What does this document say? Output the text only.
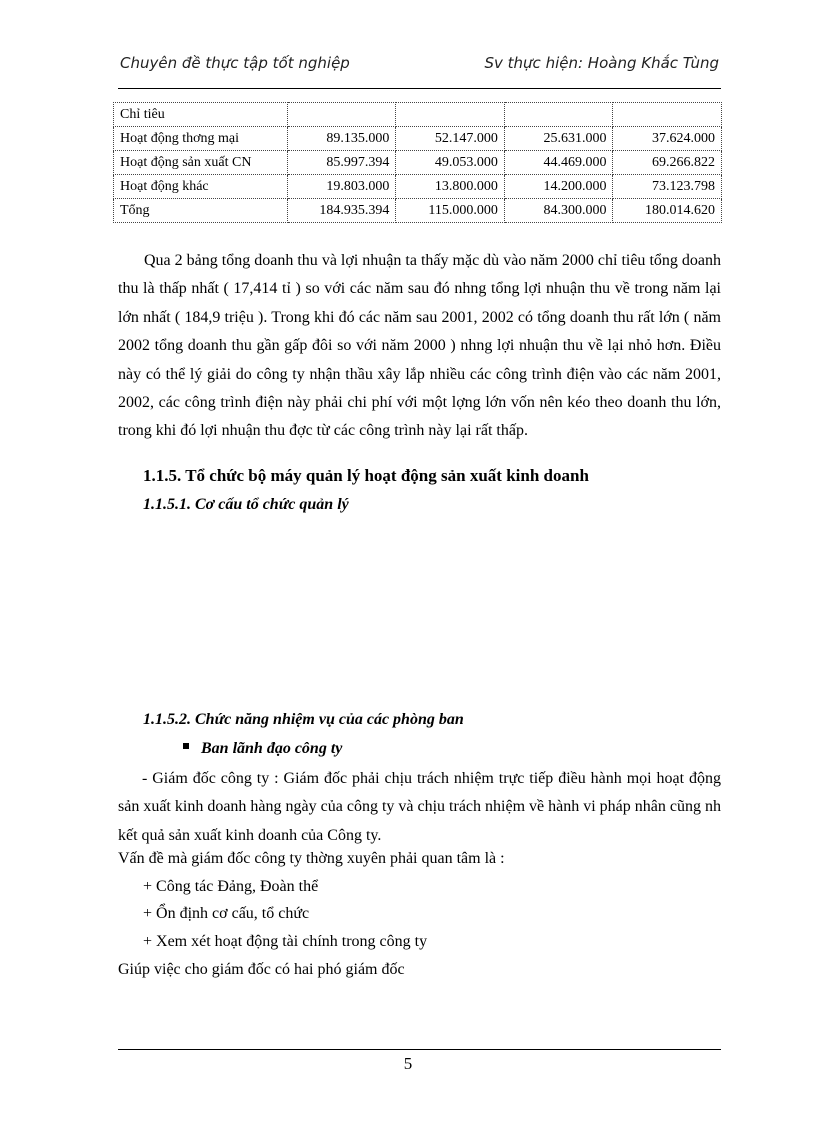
Chuyên đề thực tập tốt nghiệp	Sv thực hiện: Hoàng Khắc Tùng
Chỉ tiêu				
Hoạt động thơng mại	89.135.000	52.147.000	25.631.000	37.624.000
Hoạt động sản xuất CN	85.997.394	49.053.000	44.469.000	69.266.822
Hoạt động khác	19.803.000	13.800.000	14.200.000	73.123.798
Tổng	184.935.394	115.000.000	84.300.000	180.014.620
Qua 2 bảng tổng doanh thu và lợi nhuận ta thấy mặc dù vào năm 2000 chỉ tiêu tổng doanh thu là thấp nhất ( 17,414 tỉ ) so với các năm sau đó nhng tổng lợi nhuận thu về trong năm lại lớn nhất ( 184,9 triệu ). Trong khi đó các năm sau 2001, 2002 có tổng doanh thu rất lớn ( năm 2002 tổng doanh thu gần gấp đôi so với năm 2000 ) nhng lợi nhuận thu về lại nhỏ hơn. Điều này có thể lý giải do công ty nhận thầu xây lắp nhiều các công trình điện vào các năm 2001, 2002, các công trình điện này phải chi phí với một lợng lớn vốn nên kéo theo doanh thu lớn, trong khi đó lợi nhuận thu đợc từ các công trình này lại rất thấp.
1.1.5. Tổ chức bộ máy quản lý hoạt động sản xuất kinh doanh
1.1.5.1. Cơ cấu tổ chức quản lý
1.1.5.2. Chức năng nhiệm vụ của các phòng ban
Ban lãnh đạo công ty
- Giám đốc công ty : Giám đốc phải chịu trách nhiệm trực tiếp điều hành mọi hoạt động sản xuất kinh doanh hàng ngày của công ty và chịu trách nhiệm về hành vi pháp nhân cũng nh kết quả sản xuất kinh doanh của Công ty.
Vấn đề mà giám đốc công ty thờng xuyên phải quan tâm là :
+ Công tác Đảng, Đoàn thể
+ Ổn định cơ cấu, tổ chức
+ Xem xét hoạt động tài chính trong công ty
Giúp việc cho giám đốc có hai phó giám đốc
5
